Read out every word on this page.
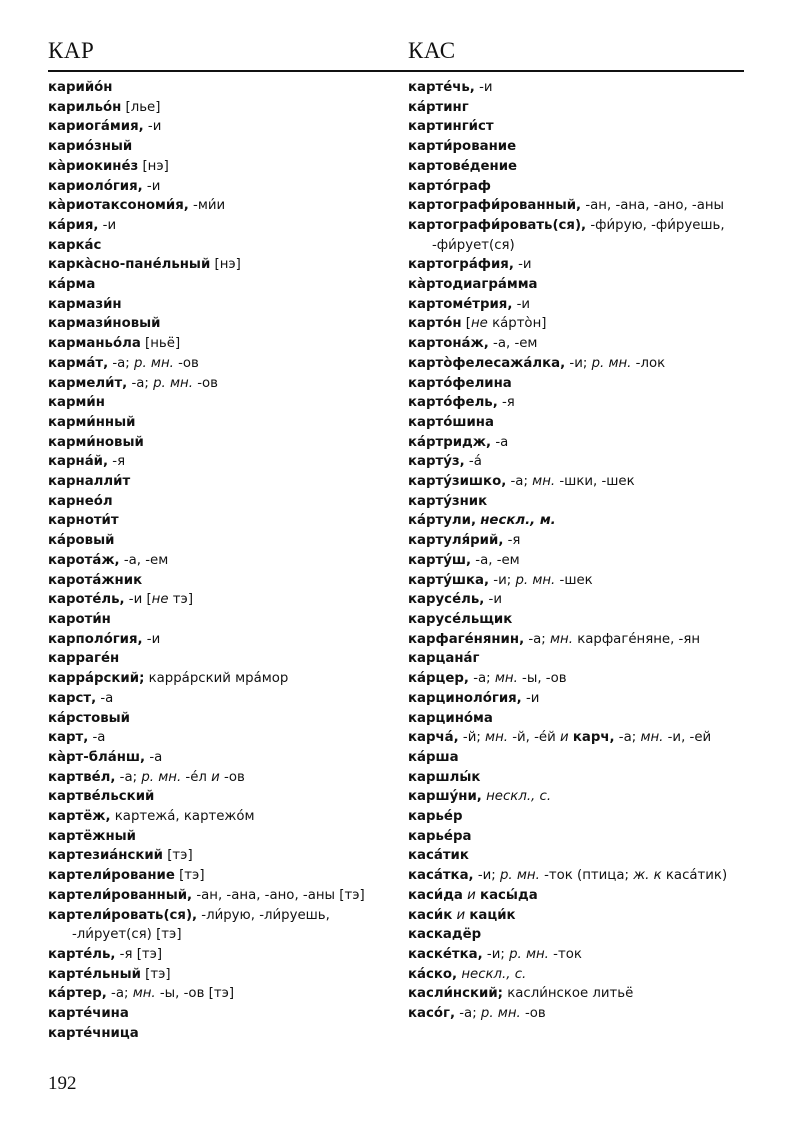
КАР	КАС
карийо́н
карильо́н [лье]
кариога́мия, -и
карио́зный
ка̀риокине́з [нэ]
кариоло́гия, -и
ка̀риотаксономи́я, -ми́и
ка́рия, -и
карка́с
карка̀сно-пане́льный [нэ]
ка́рма
кармази́н
кармази́новый
карманьо́ла [ньё]
карма́т, -а; р. мн. -ов
кармели́т, -а; р. мн. -ов
карми́н
карми́нный
карми́новый
карна́й, -я
карналли́т
карнео́л
карноти́т
ка́ровый
карота́ж, -а, -ем
карота́жник
кароте́ль, -и [не тэ]
кароти́н
карполо́гия, -и
карраге́н
карра́рский; карра́рский мра́мор
карст, -а
ка́рстовый
карт, -а
ка̀рт-бла́нш, -а
картве́л, -а; р. мн. -е́л и -ов
картве́льский
картёж, картежа́, картежо́м
картёжный
картезиа́нский [тэ]
картели́рование [тэ]
картели́рованный, -ан, -ана, -ано, -аны [тэ]
картели́ровать(ся), -ли́рую, -ли́руешь, -ли́рует(ся) [тэ]
карте́ль, -я [тэ]
карте́льный [тэ]
ка́ртер, -а; мн. -ы, -ов [тэ]
карте́чина
карте́чница
карте́чь, -и
ка́ртинг
картинги́ст
карти́рование
картове́дение
карто́граф
картографи́рованный, -ан, -ана, -ано, -аны
картографи́ровать(ся), -фи́рую, -фи́руешь, -фи́рует(ся)
картогра́фия, -и
ка̀ртодиагра́мма
картоме́трия, -и
карто́н [не ка́рто̀н]
картона́ж, -а, -ем
карто̀фелесажа́лка, -и; р. мн. -лок
карто́фелина
карто́фель, -я
карто́шина
ка́ртридж, -а
карту́з, -а́
карту́зишко, -а; мн. -шки, -шек
карту́зник
ка́ртули, нескл., м.
картуля́рий, -я
карту́ш, -а, -ем
карту́шка, -и; р. мн. -шек
карусе́ль, -и
карусе́льщик
карфаге́нянин, -а; мн. карфаге́няне, -ян
карцана́г
ка́рцер, -а; мн. -ы, -ов
карциноло́гия, -и
карцино́ма
карча́, -й; мн. -й, -е́й и карч, -а; мн. -и, -ей
ка́рша
каршлы́к
каршу́ни, нескл., с.
карье́р
карье́ра
каса́тик
каса́тка, -и; р. мн. -ток (птица; ж. к каса́тик)
каси́да и касы́да
каси́к и каци́к
каскадёр
каске́тка, -и; р. мн. -ток
ка́ско, нескл., с.
касли́нский; касли́нское литьё
касо́г, -а; р. мн. -ов
192
